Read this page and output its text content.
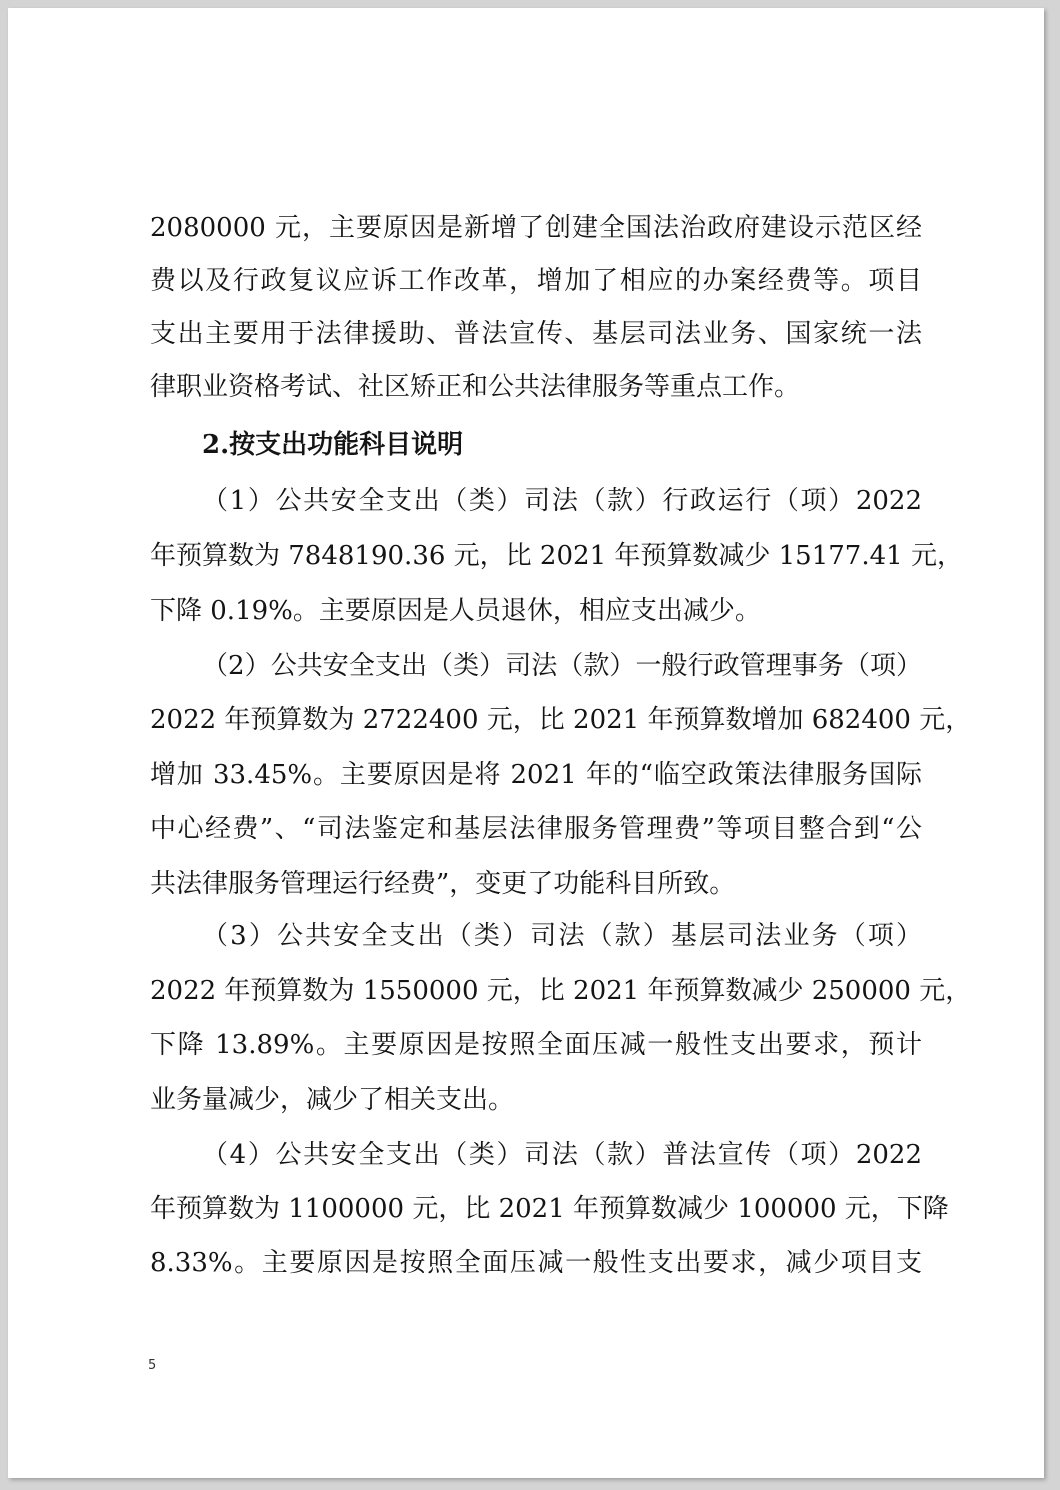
2080000 元，主要原因是新增了创建全国法治政府建设示范区经

费以及行政复议应诉工作改革，增加了相应的办案经费等。项目

支出主要用于法律援助、普法宣传、基层司法业务、国家统一法

律职业资格考试、社区矫正和公共法律服务等重点工作。

2.按支出功能科目说明

（1）公共安全支出（类）司法（款）行政运行（项）2022

年预算数为 7848190.36 元，比 2021 年预算数减少 15177.41 元，

下降 0.19%。主要原因是人员退休，相应支出减少。

（2）公共安全支出（类）司法（款）一般行政管理事务（项）

2022 年预算数为 2722400 元，比 2021 年预算数增加 682400 元，

增加 33.45%。主要原因是将 2021 年的“临空政策法律服务国际

中心经费”、“司法鉴定和基层法律服务管理费”等项目整合到“公

共法律服务管理运行经费”，变更了功能科目所致。

（3）公共安全支出（类）司法（款）基层司法业务（项）

2022 年预算数为 1550000 元，比 2021 年预算数减少 250000 元，

下降 13.89%。主要原因是按照全面压减一般性支出要求，预计

业务量减少，减少了相关支出。

（4）公共安全支出（类）司法（款）普法宣传（项）2022

年预算数为 1100000 元，比 2021 年预算数减少 100000 元，下降

8.33%。主要原因是按照全面压减一般性支出要求，减少项目支

5
